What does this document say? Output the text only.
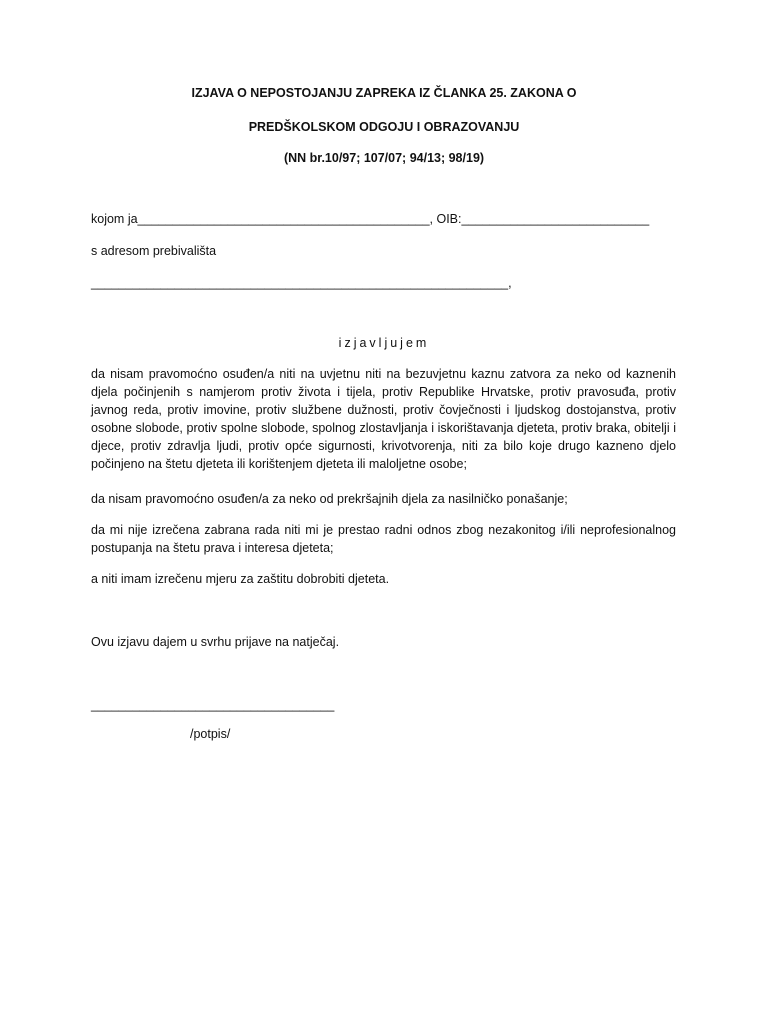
IZJAVA O NEPOSTOJANJU ZAPREKA IZ ČLANKA 25. ZAKONA O
PREDŠKOLSKOM ODGOJU I OBRAZOVANJU
(NN br.10/97; 107/07; 94/13; 98/19)
kojom ja__________________________________________, OIB:___________________________
s adresom prebivališta
____________________________________________________________,
izjavljujem
da nisam pravomoćno osuđen/a niti na uvjetnu niti na bezuvjetnu kaznu zatvora za neko od kaznenih djela počinjenih s namjerom protiv života i tijela, protiv Republike Hrvatske, protiv pravosuđa, protiv javnog reda, protiv imovine, protiv službene dužnosti, protiv čovječnosti i ljudskog dostojanstva, protiv osobne slobode, protiv spolne slobode, spolnog zlostavljanja i iskorištavanja djeteta, protiv braka, obitelji i djece, protiv zdravlja ljudi, protiv opće sigurnosti, krivotvorenja, niti za bilo koje drugo kazneno djelo počinjeno na štetu djeteta ili korištenjem djeteta ili maloljetne osobe;
da nisam pravomoćno osuđen/a za neko od prekršajnih djela za nasilničko ponašanje;
da mi nije izrečena zabrana rada niti mi je prestao radni odnos zbog nezakonitog i/ili neprofesionalnog postupanja na štetu prava i interesa djeteta;
a niti imam izrečenu mjeru za zaštitu dobrobiti djeteta.
Ovu izjavu dajem u svrhu prijave na natječaj.
___________________________________
/potpis/
